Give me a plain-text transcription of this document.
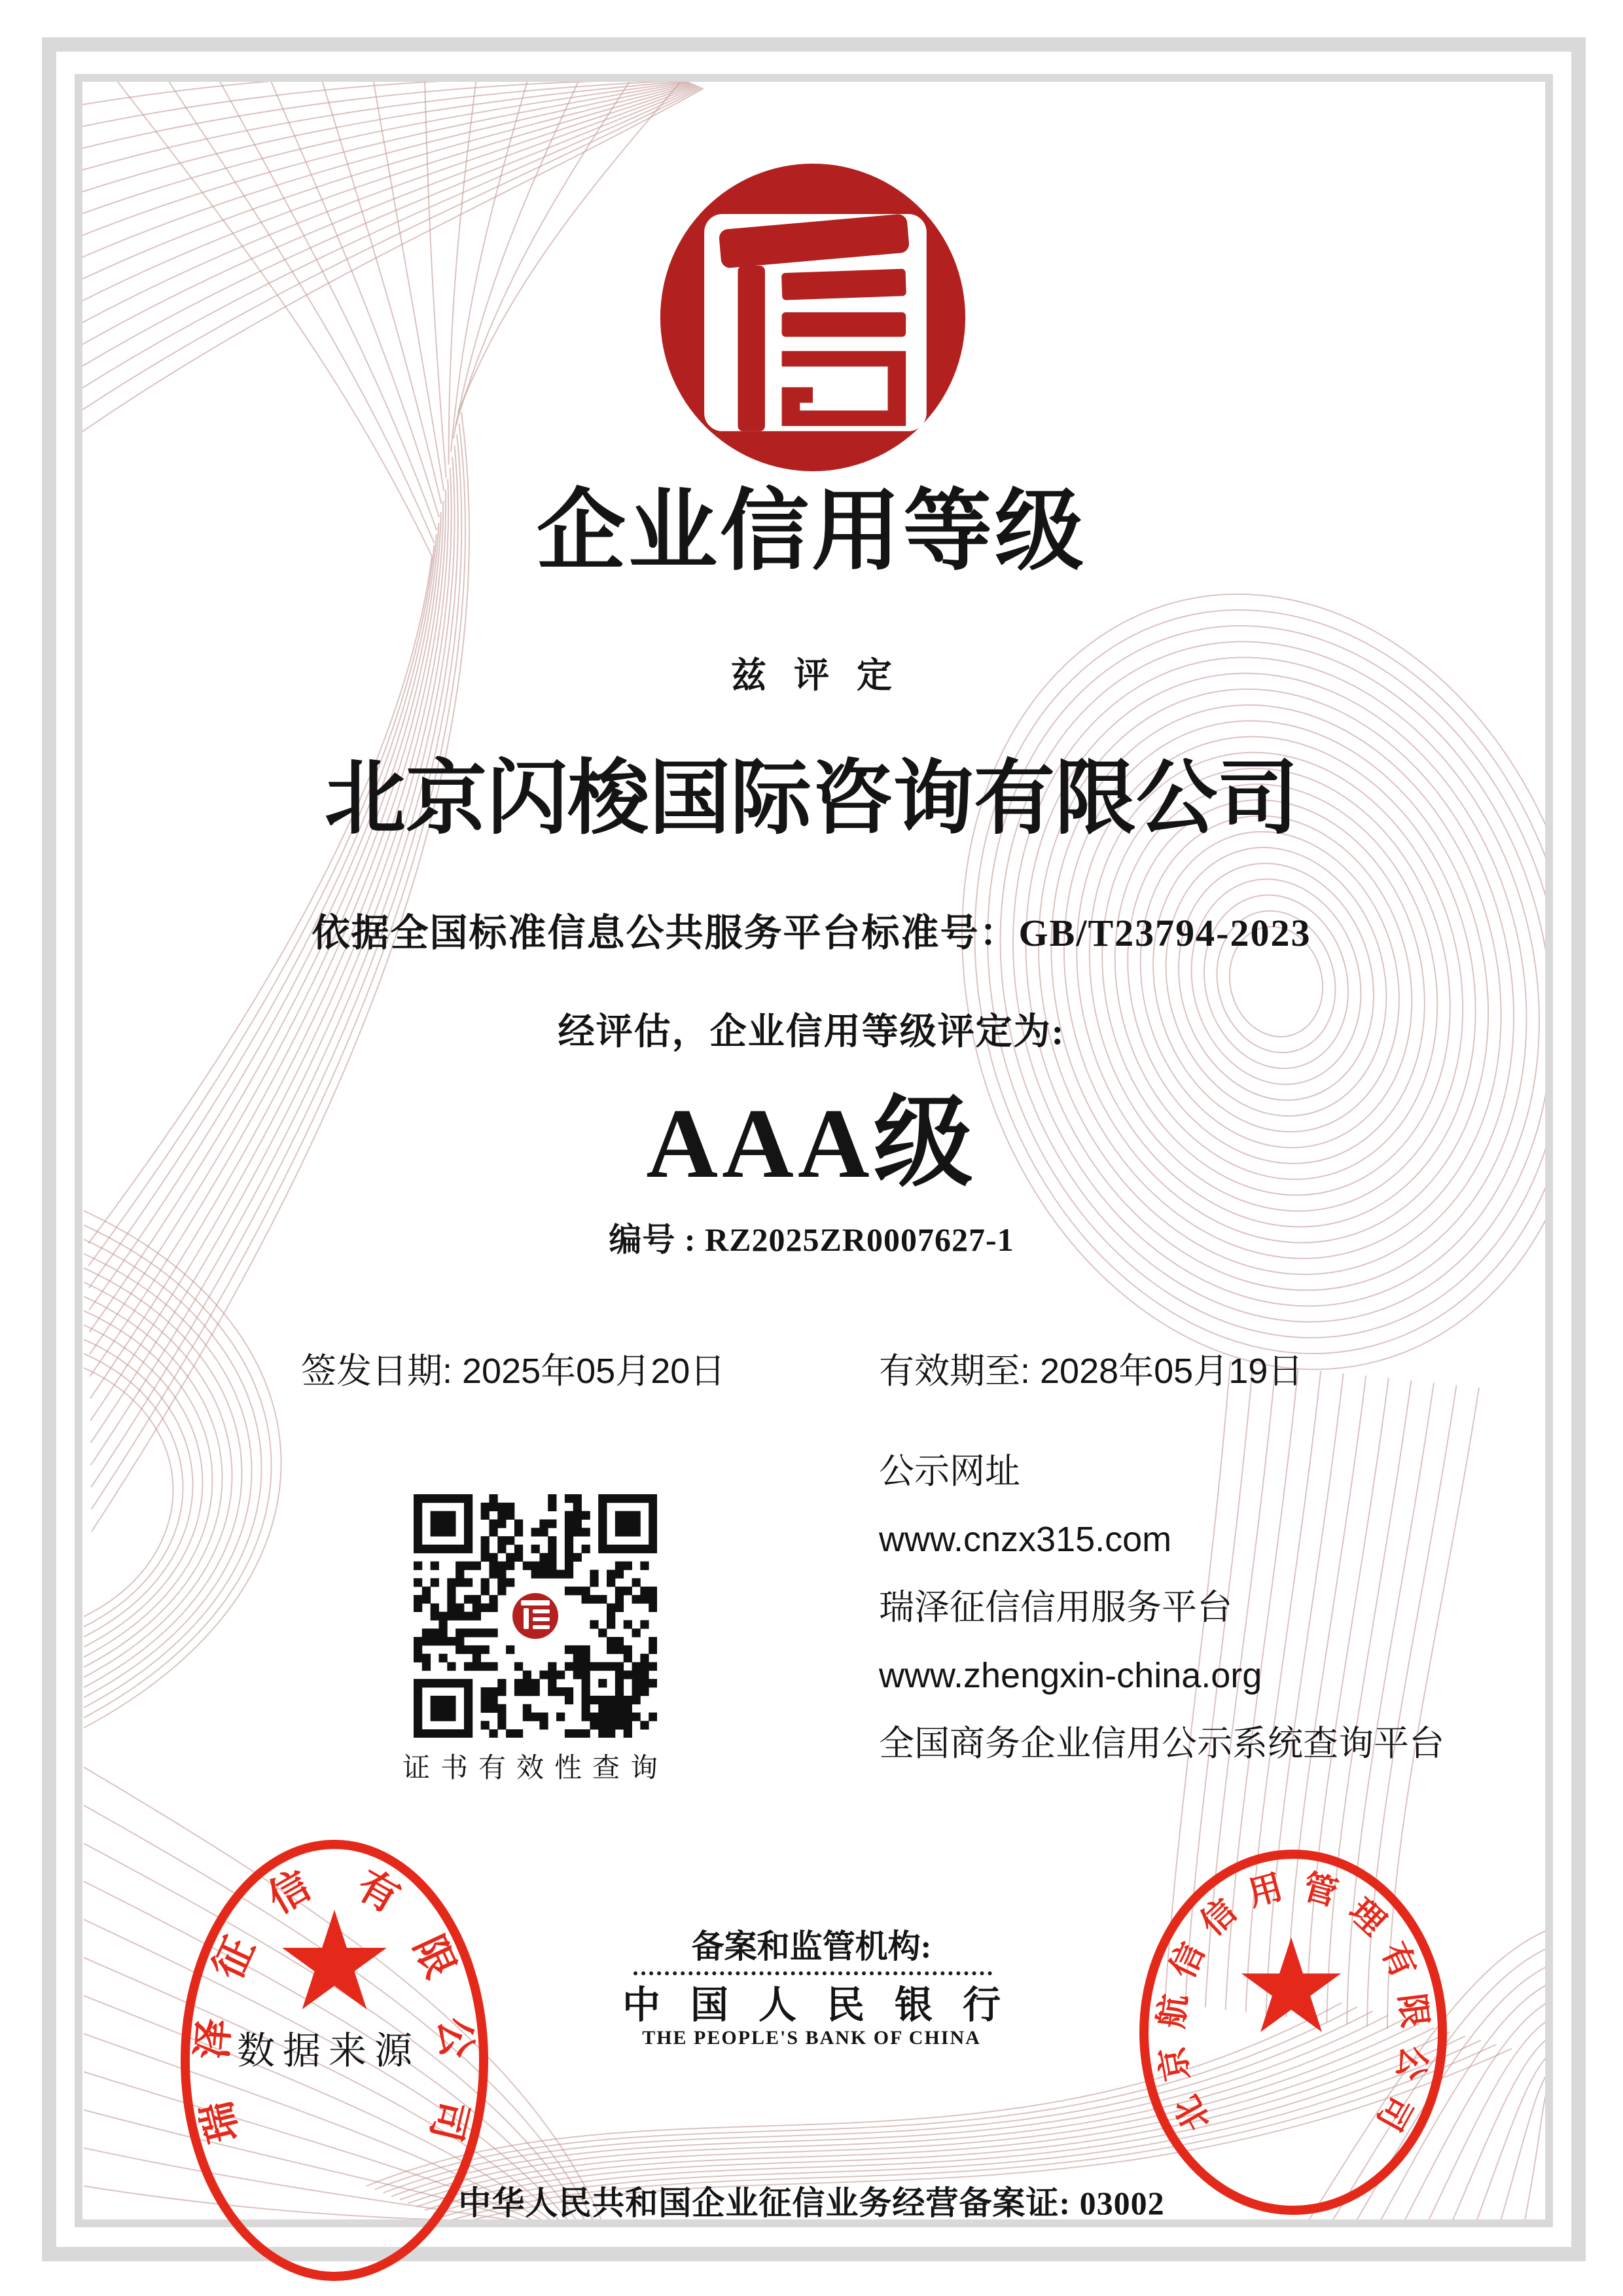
企业信用等级
兹评定
北京闪梭国际咨询有限公司
依据全国标准信息公共服务平台标准号：GB/T23794-2023
经评估，企业信用等级评定为:
AAA级
编号 : RZ2025ZR0007627-1
签发日期: 2025年05月20日	有效期至: 2028年05月19日

证书有效性查询

公示网址
www.cnzx315.com
瑞泽征信信用服务平台
www.zhengxin-china.org
全国商务企业信用公示系统查询平台
备案和监管机构:
中国人民银行
THE PEOPLE'S BANK OF CHINA
中华人民共和国企业征信业务经营备案证: 03002
瑞泽征信有限公司
数据来源
北京航信信用管理有限公司
